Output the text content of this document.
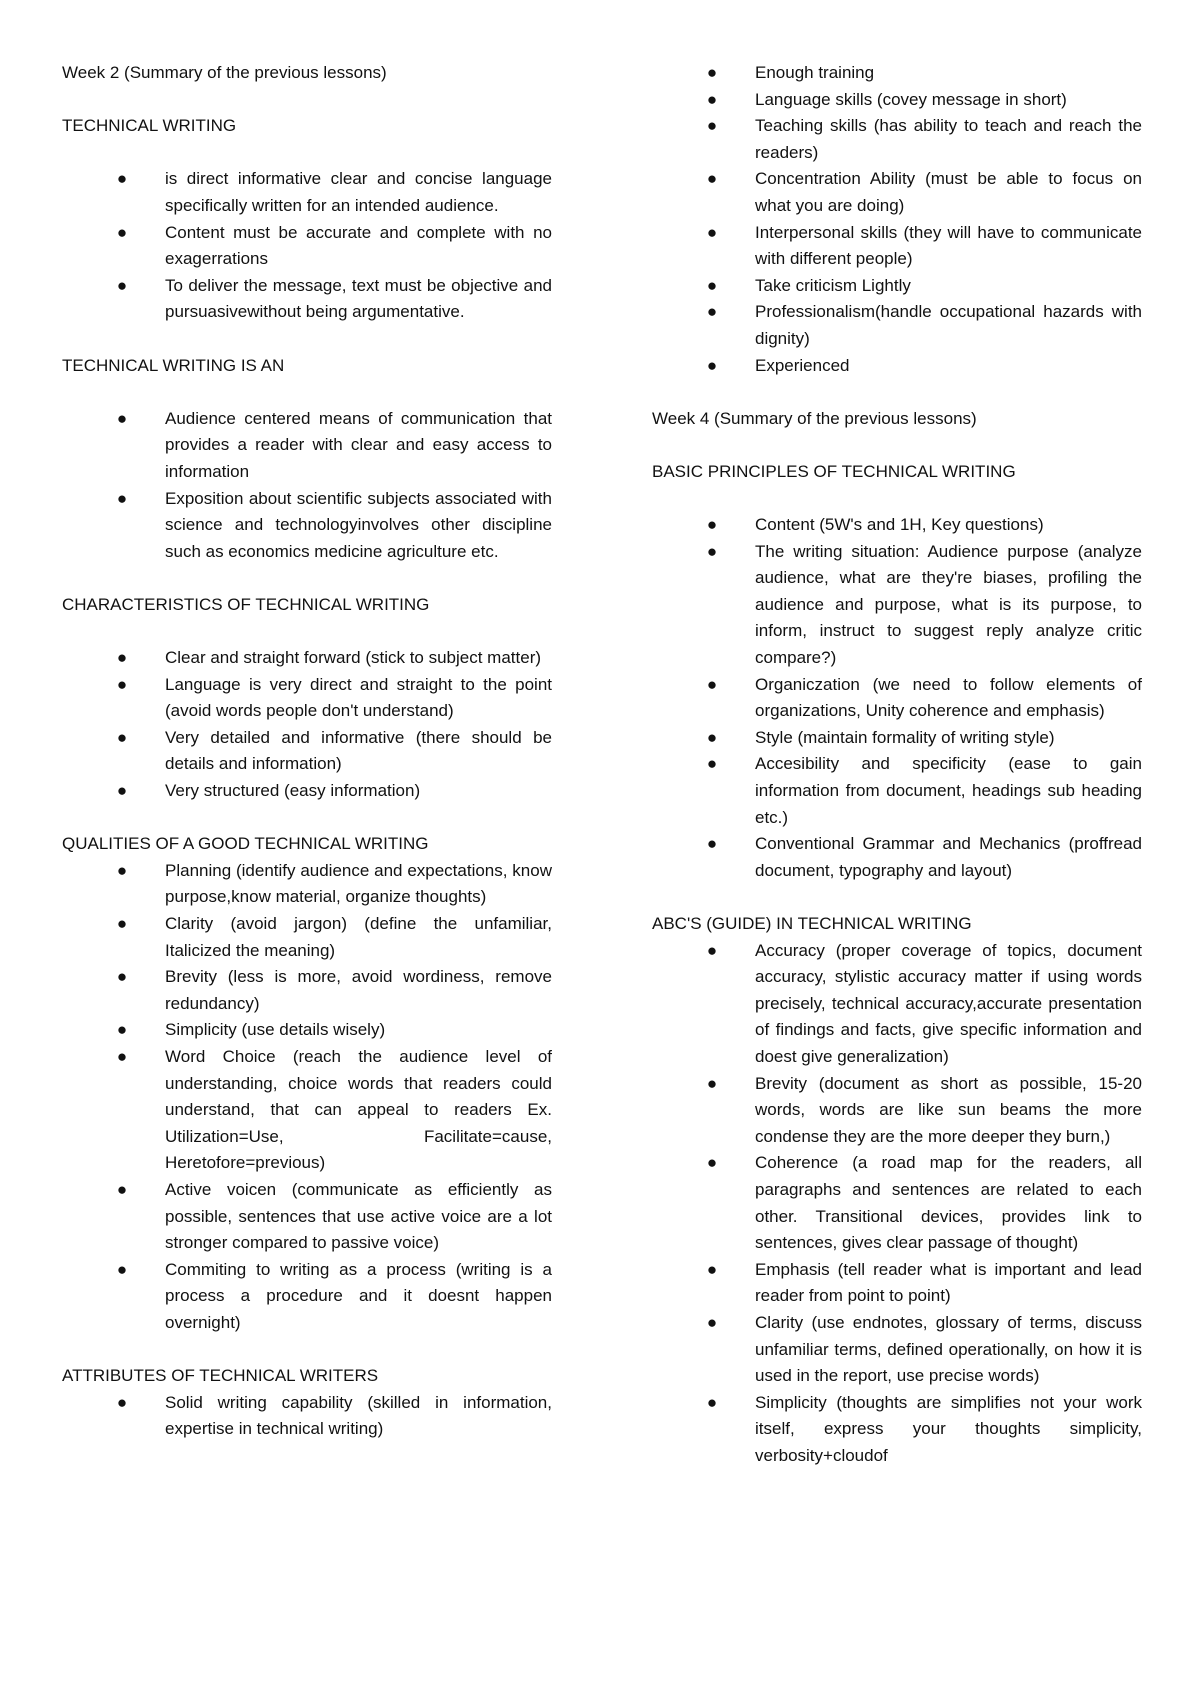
Week 2 (Summary of the previous lessons)

TECHNICAL WRITING

● is direct informative clear and concise language specifically written for an intended audience.
● Content must be accurate and complete with no exagerrations
● To deliver the message, text must be objective and pursuasivewithout being argumentative.

TECHNICAL WRITING IS AN

● Audience centered means of communication that provides a reader with clear and easy access to information
● Exposition about scientific subjects associated with science and technologyinvolves other discipline such as economics medicine agriculture etc.

CHARACTERISTICS OF TECHNICAL WRITING

● Clear and straight forward (stick to subject matter)
● Language is very direct and straight to the point (avoid words people don't understand)
● Very detailed and informative (there should be details and information)
● Very structured (easy information)

QUALITIES OF A GOOD TECHNICAL WRITING

● Planning (identify audience and expectations, know purpose,know material, organize thoughts)
● Clarity (avoid jargon) (define the unfamiliar, Italicized the meaning)
● Brevity (less is more, avoid wordiness, remove redundancy)
● Simplicity (use details wisely)
● Word Choice (reach the audience level of understanding, choice words that readers could understand, that can appeal to readers Ex. Utilization=Use, Facilitate=cause, Heretofore=previous)
● Active voicen (communicate as efficiently as possible, sentences that use active voice are a lot stronger compared to passive voice)
● Commiting to writing as a process (writing is a process a procedure and it doesnt happen overnight)

ATTRIBUTES OF TECHNICAL WRITERS

● Solid writing capability (skilled in information, expertise in technical writing)
● Enough training
● Language skills (covey message in short)
● Teaching skills (has ability to teach and reach the readers)
● Concentration Ability (must be able to focus on what you are doing)
● Interpersonal skills (they will have to communicate with different people)
● Take criticism Lightly
● Professionalism(handle occupational hazards with dignity)
● Experienced

Week 4 (Summary of the previous lessons)

BASIC PRINCIPLES OF TECHNICAL WRITING

● Content (5W's and 1H, Key questions)
● The writing situation: Audience purpose (analyze audience, what are they're biases, profiling the audience and purpose, what is its purpose, to inform, instruct to suggest reply analyze critic compare?)
● Organiczation (we need to follow elements of organizations, Unity coherence and emphasis)
● Style (maintain formality of writing style)
● Accesibility and specificity (ease to gain information from document, headings sub heading etc.)
● Conventional Grammar and Mechanics (proffread document, typography and layout)

ABC'S (GUIDE) IN TECHNICAL WRITING

● Accuracy (proper coverage of topics, document accuracy, stylistic accuracy matter if using words precisely, technical accuracy,accurate presentation of findings and facts, give specific information and doest give generalization)
● Brevity (document as short as possible, 15-20 words, words are like sun beams the more condense they are the more deeper they burn,)
● Coherence (a road map for the readers, all paragraphs and sentences are related to each other. Transitional devices, provides link to sentences, gives clear passage of thought)
● Emphasis (tell reader what is important and lead reader from point to point)
● Clarity (use endnotes, glossary of terms, discuss unfamiliar terms, defined operationally, on how it is used in the report, use precise words)
● Simplicity (thoughts are simplifies not your work itself, express your thoughts simplicity, verbosity+cloudof
